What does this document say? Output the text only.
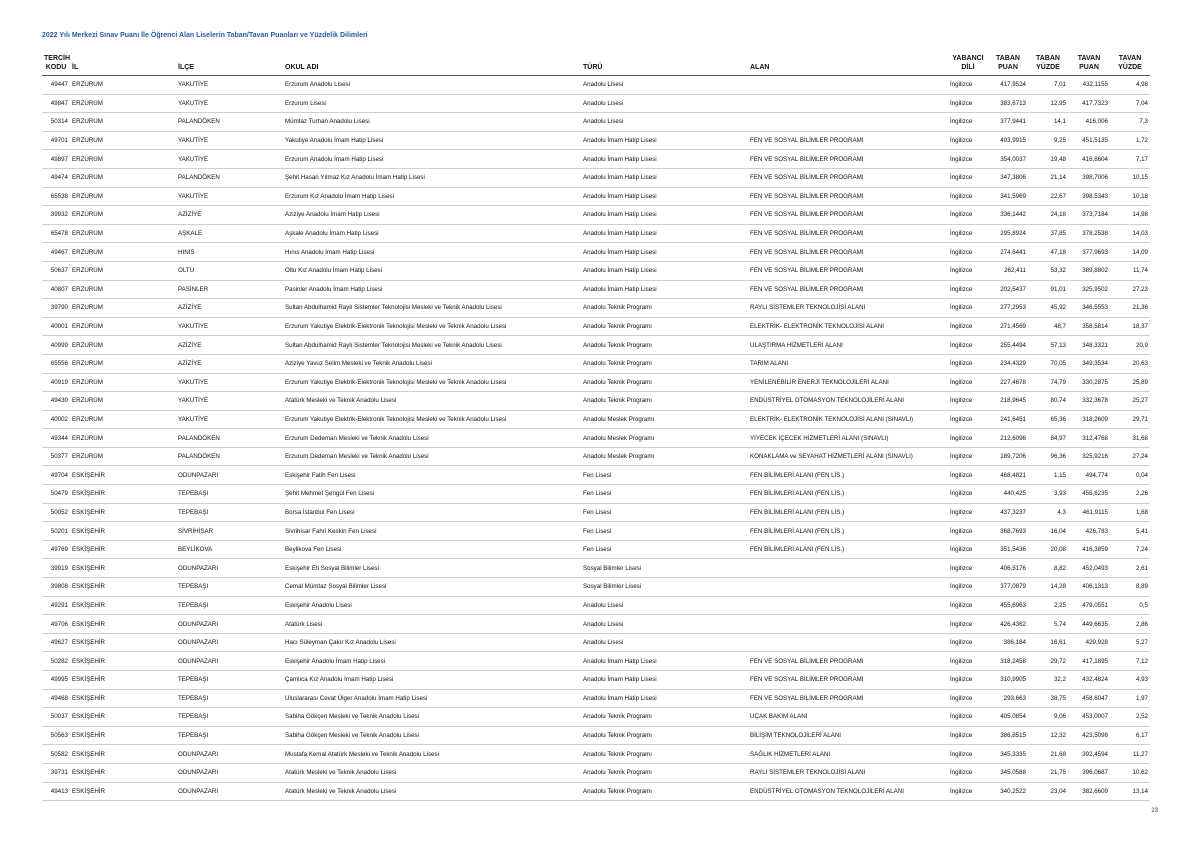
2022 Yılı Merkezi Sınav Puanı İle Öğrenci Alan Liselerin Taban/Tavan Puanları ve Yüzdelik Dilimleri
TERCİH KODU	İL	İLÇE	OKUL ADI	TÜRÜ	ALAN	YABANCI DİLİ	TABAN PUAN	TABAN YÜZDE	TAVAN PUAN	TAVAN YÜZDE
49447	ERZURUM	YAKUTİYE	Erzurum Anadolu Lisesi	Anadolu Lisesi		İngilizce	417,9524	7,01	432,1155	4,98
49847	ERZURUM	YAKUTİYE	Erzurum Lisesi	Anadolu Lisesi		İngilizce	383,6713	12,95	417,7323	7,04
50314	ERZURUM	PALANDÖKEN	Mümtaz Turhan Anadolu Lisesi	Anadolu Lisesi		İngilizce	377,9441	14,1	416,006	7,3
49701	ERZURUM	YAKUTİYE	Yakutiye Anadolu İmam Hatip Lisesi	Anadolu İmam Hatip Lisesi	FEN VE SOSYAL BİLİMLER PROGRAMI	İngilizce	403,9915	9,25	451,5135	1,72
49897	ERZURUM	YAKUTİYE	Erzurum Anadolu İmam Hatip Lisesi	Anadolu İmam Hatip Lisesi	FEN VE SOSYAL BİLİMLER PROGRAMI	İngilizce	354,0037	19,48	416,8604	7,17
49474	ERZURUM	PALANDÖKEN	Şehit Hasan Yılmaz Kız Anadolu İmam Hatip Lisesi	Anadolu İmam Hatip Lisesi	FEN VE SOSYAL BİLİMLER PROGRAMI	İngilizce	347,3806	21,14	398,7006	10,15
65538	ERZURUM	YAKUTİYE	Erzurum Kız Anadolu İmam Hatip Lisesi	Anadolu İmam Hatip Lisesi	FEN VE SOSYAL BİLİMLER PROGRAMI	İngilizce	341,5969	22,67	398,5343	10,18
39932	ERZURUM	AZİZİYE	Aziziye Anadolu İmam Hatip Lisesi	Anadolu İmam Hatip Lisesi	FEN VE SOSYAL BİLİMLER PROGRAMI	İngilizce	336,1442	24,18	373,7184	14,98
65478	ERZURUM	AŞKALE	Aşkale Anadolu İmam Hatip Lisesi	Anadolu İmam Hatip Lisesi	FEN VE SOSYAL BİLİMLER PROGRAMI	İngilizce	295,8924	37,85	378,2538	14,03
49467	ERZURUM	HINIS	Hınıs Anadolu İmam Hatip Lisesi	Anadolu İmam Hatip Lisesi	FEN VE SOSYAL BİLİMLER PROGRAMI	İngilizce	274,6441	47,18	377,9693	14,09
50637	ERZURUM	OLTU	Oltu Kız Anadolu İmam Hatip Lisesi	Anadolu İmam Hatip Lisesi	FEN VE SOSYAL BİLİMLER PROGRAMI	İngilizce	262,411	53,32	389,8802	11,74
40807	ERZURUM	PASİNLER	Pasinler Anadolu İmam Hatip Lisesi	Anadolu İmam Hatip Lisesi	FEN VE SOSYAL BİLİMLER PROGRAMI	İngilizce	202,5437	91,01	325,9502	27,23
39790	ERZURUM	AZİZİYE	Sultan Abdulhamid Raylı Sistemler Teknolojisi Mesleki ve Teknik Anadolu Lisesi	Anadolu Teknik Programı	RAYLI SİSTEMLER TEKNOLOJİSİ ALANI	İngilizce	277,2953	45,92	346,5553	21,36
40001	ERZURUM	YAKUTİYE	Erzurum Yakutiye Elektrik-Elektronik Teknolojisi Mesleki ve Teknik Anadolu Lisesi	Anadolu Teknik Programı	ELEKTRİK- ELEKTRONİK TEKNOLOJİSİ ALANI	İngilizce	271,4569	48,7	358,5814	18,37
40999	ERZURUM	AZİZİYE	Sultan Abdulhamid Raylı Sistemler Teknolojisi Mesleki ve Teknik Anadolu Lisesi	Anadolu Teknik Programı	ULAŞTIRMA HİZMETLERİ ALANI	İngilizce	255,4494	57,13	348,3321	20,9
65556	ERZURUM	AZİZİYE	Aziziye Yavuz Selim Mesleki ve Teknik Anadolu Lisesi	Anadolu Teknik Programı	TARIM ALANI	İngilizce	234,4329	70,05	349,3534	20,63
40919	ERZURUM	YAKUTİYE	Erzurum Yakutiye Elektrik-Elektronik Teknolojisi Mesleki ve Teknik Anadolu Lisesi	Anadolu Teknik Programı	YENİLENEBİLİR ENERJİ TEKNOLOJİLERİ ALANI	İngilizce	227,4678	74,79	330,2875	25,89
49430	ERZURUM	YAKUTİYE	Atatürk Mesleki ve Teknik Anadolu Lisesi	Anadolu Teknik Programı	ENDÜSTRİYEL OTOMASYON TEKNOLOJİLERİ ALANI	İngilizce	218,9645	80,74	332,3678	25,27
40002	ERZURUM	YAKUTİYE	Erzurum Yakutiye Elektrik-Elektronik Teknolojisi Mesleki ve Teknik Anadolu Lisesi	Anadolu Meslek Programı	ELEKTRİK- ELEKTRONİK TEKNOLOJİSİ ALANI (SINAVLI)	İngilizce	241,6451	65,36	318,2609	29,71
49344	ERZURUM	PALANDÖKEN	Erzurum Dedeman Mesleki ve Teknik Anadolu Lisesi	Anadolu Meslek Programı	YİYECEK İÇECEK HİZMETLERİ ALANI (SINAVLI)	İngilizce	212,6096	84,97	312,4768	31,68
50377	ERZURUM	PALANDÖKEN	Erzurum Dedeman Mesleki ve Teknik Anadolu Lisesi	Anadolu Meslek Programı	KONAKLAMA ve SEYAHAT HİZMETLERİ ALANI (SINAVLI)	İngilizce	189,7206	96,36	325,9216	27,24
49704	ESKİŞEHİR	ODUNPAZARI	Eskişehir Fatih Fen Lisesi	Fen Lisesi	FEN BİLİMLERİ ALANI (FEN LİS.)	İngilizce	468,4821	1,15	494,774	0,04
50479	ESKİŞEHİR	TEPEBAŞI	Şehit Mehmet Şengül Fen Lisesi	Fen Lisesi	FEN BİLİMLERİ ALANI (FEN LİS.)	İngilizce	440,425	3,93	455,6235	2,26
50052	ESKİŞEHİR	TEPEBAŞI	Borsa İstanbul Fen Lisesi	Fen Lisesi	FEN BİLİMLERİ ALANI (FEN LİS.)	İngilizce	437,3237	4,3	461,9115	1,68
50201	ESKİŞEHİR	SİVRİHİSAR	Sivrihisar Fahri Keskin Fen Lisesi	Fen Lisesi	FEN BİLİMLERİ ALANI (FEN LİS.)	İngilizce	368,7693	16,04	426,783	5,41
49769	ESKİŞEHİR	BEYLİKOVA	Beylikova Fen Lisesi	Fen Lisesi	FEN BİLİMLERİ ALANI (FEN LİS.)	İngilizce	351,5436	20,08	416,3859	7,24
39919	ESKİŞEHİR	ODUNPAZARI	Eskişehir Eti Sosyal Bilimler Lisesi	Sosyal Bilimler Lisesi		İngilizce	406,5176	8,82	452,0493	2,61
39808	ESKİŞEHİR	TEPEBAŞI	Cemal Mümtaz Sosyal Bilimler Lisesi	Sosyal Bilimler Lisesi		İngilizce	377,0879	14,28	406,1313	8,89
49291	ESKİŞEHİR	TEPEBAŞI	Eskişehir Anadolu Lisesi	Anadolu Lisesi		İngilizce	455,6963	2,25	479,0551	0,5
49706	ESKİŞEHİR	ODUNPAZARI	Atatürk Lisesi	Anadolu Lisesi		İngilizce	426,4362	5,74	449,6635	2,86
49627	ESKİŞEHİR	ODUNPAZARI	Hacı Süleyman Çakır Kız Anadolu Lisesi	Anadolu Lisesi		İngilizce	386,184	16,61	429,928	5,27
50282	ESKİŞEHİR	ODUNPAZARI	Eskişehir Anadolu İmam Hatip Lisesi	Anadolu İmam Hatip Lisesi	FEN VE SOSYAL BİLİMLER PROGRAMI	İngilizce	318,2458	29,72	417,1895	7,12
49995	ESKİŞEHİR	TEPEBAŞI	Çamlıca Kız Anadolu İmam Hatip Lisesi	Anadolu İmam Hatip Lisesi	FEN VE SOSYAL BİLİMLER PROGRAMI	İngilizce	310,9905	32,2	432,4824	4,93
49468	ESKİŞEHİR	TEPEBAŞI	Uluslararası Cevat Ülger Anadolu İmam Hatip Lisesi	Anadolu İmam Hatip Lisesi	FEN VE SOSYAL BİLİMLER PROGRAMI	İngilizce	293,663	38,75	458,6047	1,97
50037	ESKİŞEHİR	TEPEBAŞI	Sabiha Gökçen Mesleki ve Teknik Anadolu Lisesi	Anadolu Teknik Programı	UÇAK BAKIM ALANI	İngilizce	405,0854	9,06	453,0007	2,52
50563	ESKİŞEHİR	TEPEBAŞI	Sabiha Gökçen Mesleki ve Teknik Anadolu Lisesi	Anadolu Teknik Programı	BİLİŞİM TEKNOLOJİLERİ ALANI	İngilizce	386,8515	12,32	423,5098	6,17
50582	ESKİŞEHİR	ODUNPAZARI	Mustafa Kemal Atatürk Mesleki ve Teknik Anadolu Lisesi	Anadolu Teknik Programı	SAĞLIK HİZMETLERİ ALANI	İngilizce	345,3335	21,68	392,4594	11,27
39731	ESKİŞEHİR	ODUNPAZARI	Atatürk Mesleki ve Teknik Anadolu Lisesi	Anadolu Teknik Programı	RAYLI SİSTEMLER TEKNOLOJİSİ ALANI	İngilizce	345,0588	21,75	396,0687	10,62
49413	ESKİŞEHİR	ODUNPAZARI	Atatürk Mesleki ve Teknik Anadolu Lisesi	Anadolu Teknik Programı	ENDÜSTRİYEL OTOMASYON TEKNOLOJİLERİ ALANI	İngilizce	340,2522	23,04	382,6609	13,14
23
